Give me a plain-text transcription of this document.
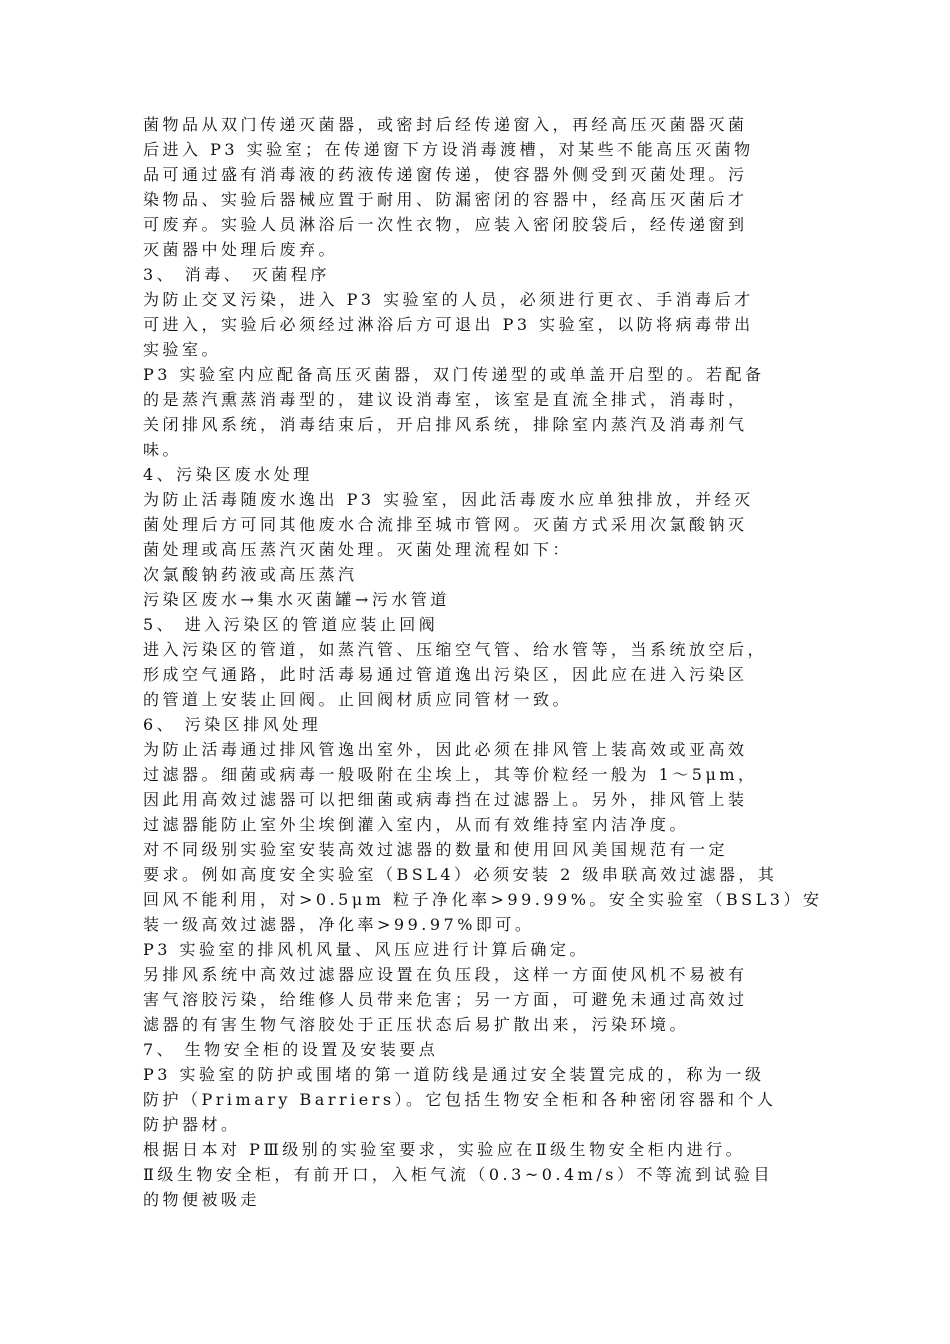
菌物品从双门传递灭菌器，或密封后经传递窗入，再经高压灭菌器灭菌
后进入 P3 实验室；在传递窗下方设消毒渡槽，对某些不能高压灭菌物
品可通过盛有消毒液的药液传递窗传递，使容器外侧受到灭菌处理。污
染物品、实验后器械应置于耐用、防漏密闭的容器中，经高压灭菌后才
可废弃。实验人员淋浴后一次性衣物，应装入密闭胶袋后，经传递窗到
灭菌器中处理后废弃。
3、 消毒、 灭菌程序
为防止交叉污染，进入 P3 实验室的人员，必须进行更衣、手消毒后才
可进入，实验后必须经过淋浴后方可退出 P3 实验室，以防将病毒带出
实验室。
P3 实验室内应配备高压灭菌器，双门传递型的或单盖开启型的。若配备
的是蒸汽熏蒸消毒型的，建议设消毒室，该室是直流全排式，消毒时，
关闭排风系统，消毒结束后，开启排风系统，排除室内蒸汽及消毒剂气
味。
4、污染区废水处理
为防止活毒随废水逸出 P3 实验室，因此活毒废水应单独排放，并经灭
菌处理后方可同其他废水合流排至城市管网。灭菌方式采用次氯酸钠灭
菌处理或高压蒸汽灭菌处理。灭菌处理流程如下：
次氯酸钠药液或高压蒸汽
污染区废水→集水灭菌罐→污水管道
5、 进入污染区的管道应装止回阀
进入污染区的管道，如蒸汽管、压缩空气管、给水管等，当系统放空后，
形成空气通路，此时活毒易通过管道逸出污染区，因此应在进入污染区
的管道上安装止回阀。止回阀材质应同管材一致。
6、 污染区排风处理
为防止活毒通过排风管逸出室外，因此必须在排风管上装高效或亚高效
过滤器。细菌或病毒一般吸附在尘埃上，其等价粒经一般为 1～5μm，
因此用高效过滤器可以把细菌或病毒挡在过滤器上。另外，排风管上装
过滤器能防止室外尘埃倒灌入室内，从而有效维持室内洁净度。
对不同级别实验室安装高效过滤器的数量和使用回风美国规范有一定
要求。例如高度安全实验室（BSL4）必须安装 2 级串联高效过滤器，其
回风不能利用，对>0.5μm 粒子净化率>99.99%。安全实验室（BSL3）安
装一级高效过滤器，净化率>99.97%即可。
P3 实验室的排风机风量、风压应进行计算后确定。
另排风系统中高效过滤器应设置在负压段，这样一方面使风机不易被有
害气溶胶污染，给维修人员带来危害；另一方面，可避免未通过高效过
滤器的有害生物气溶胶处于正压状态后易扩散出来，污染环境。
7、 生物安全柜的设置及安装要点
P3 实验室的防护或围堵的第一道防线是通过安全装置完成的，称为一级
防护（Primary Barriers）。它包括生物安全柜和各种密闭容器和个人
防护器材。
根据日本对 PⅢ级别的实验室要求，实验应在Ⅱ级生物安全柜内进行。
Ⅱ级生物安全柜，有前开口，入柜气流（0.3~0.4m/s）不等流到试验目
的物便被吸走
